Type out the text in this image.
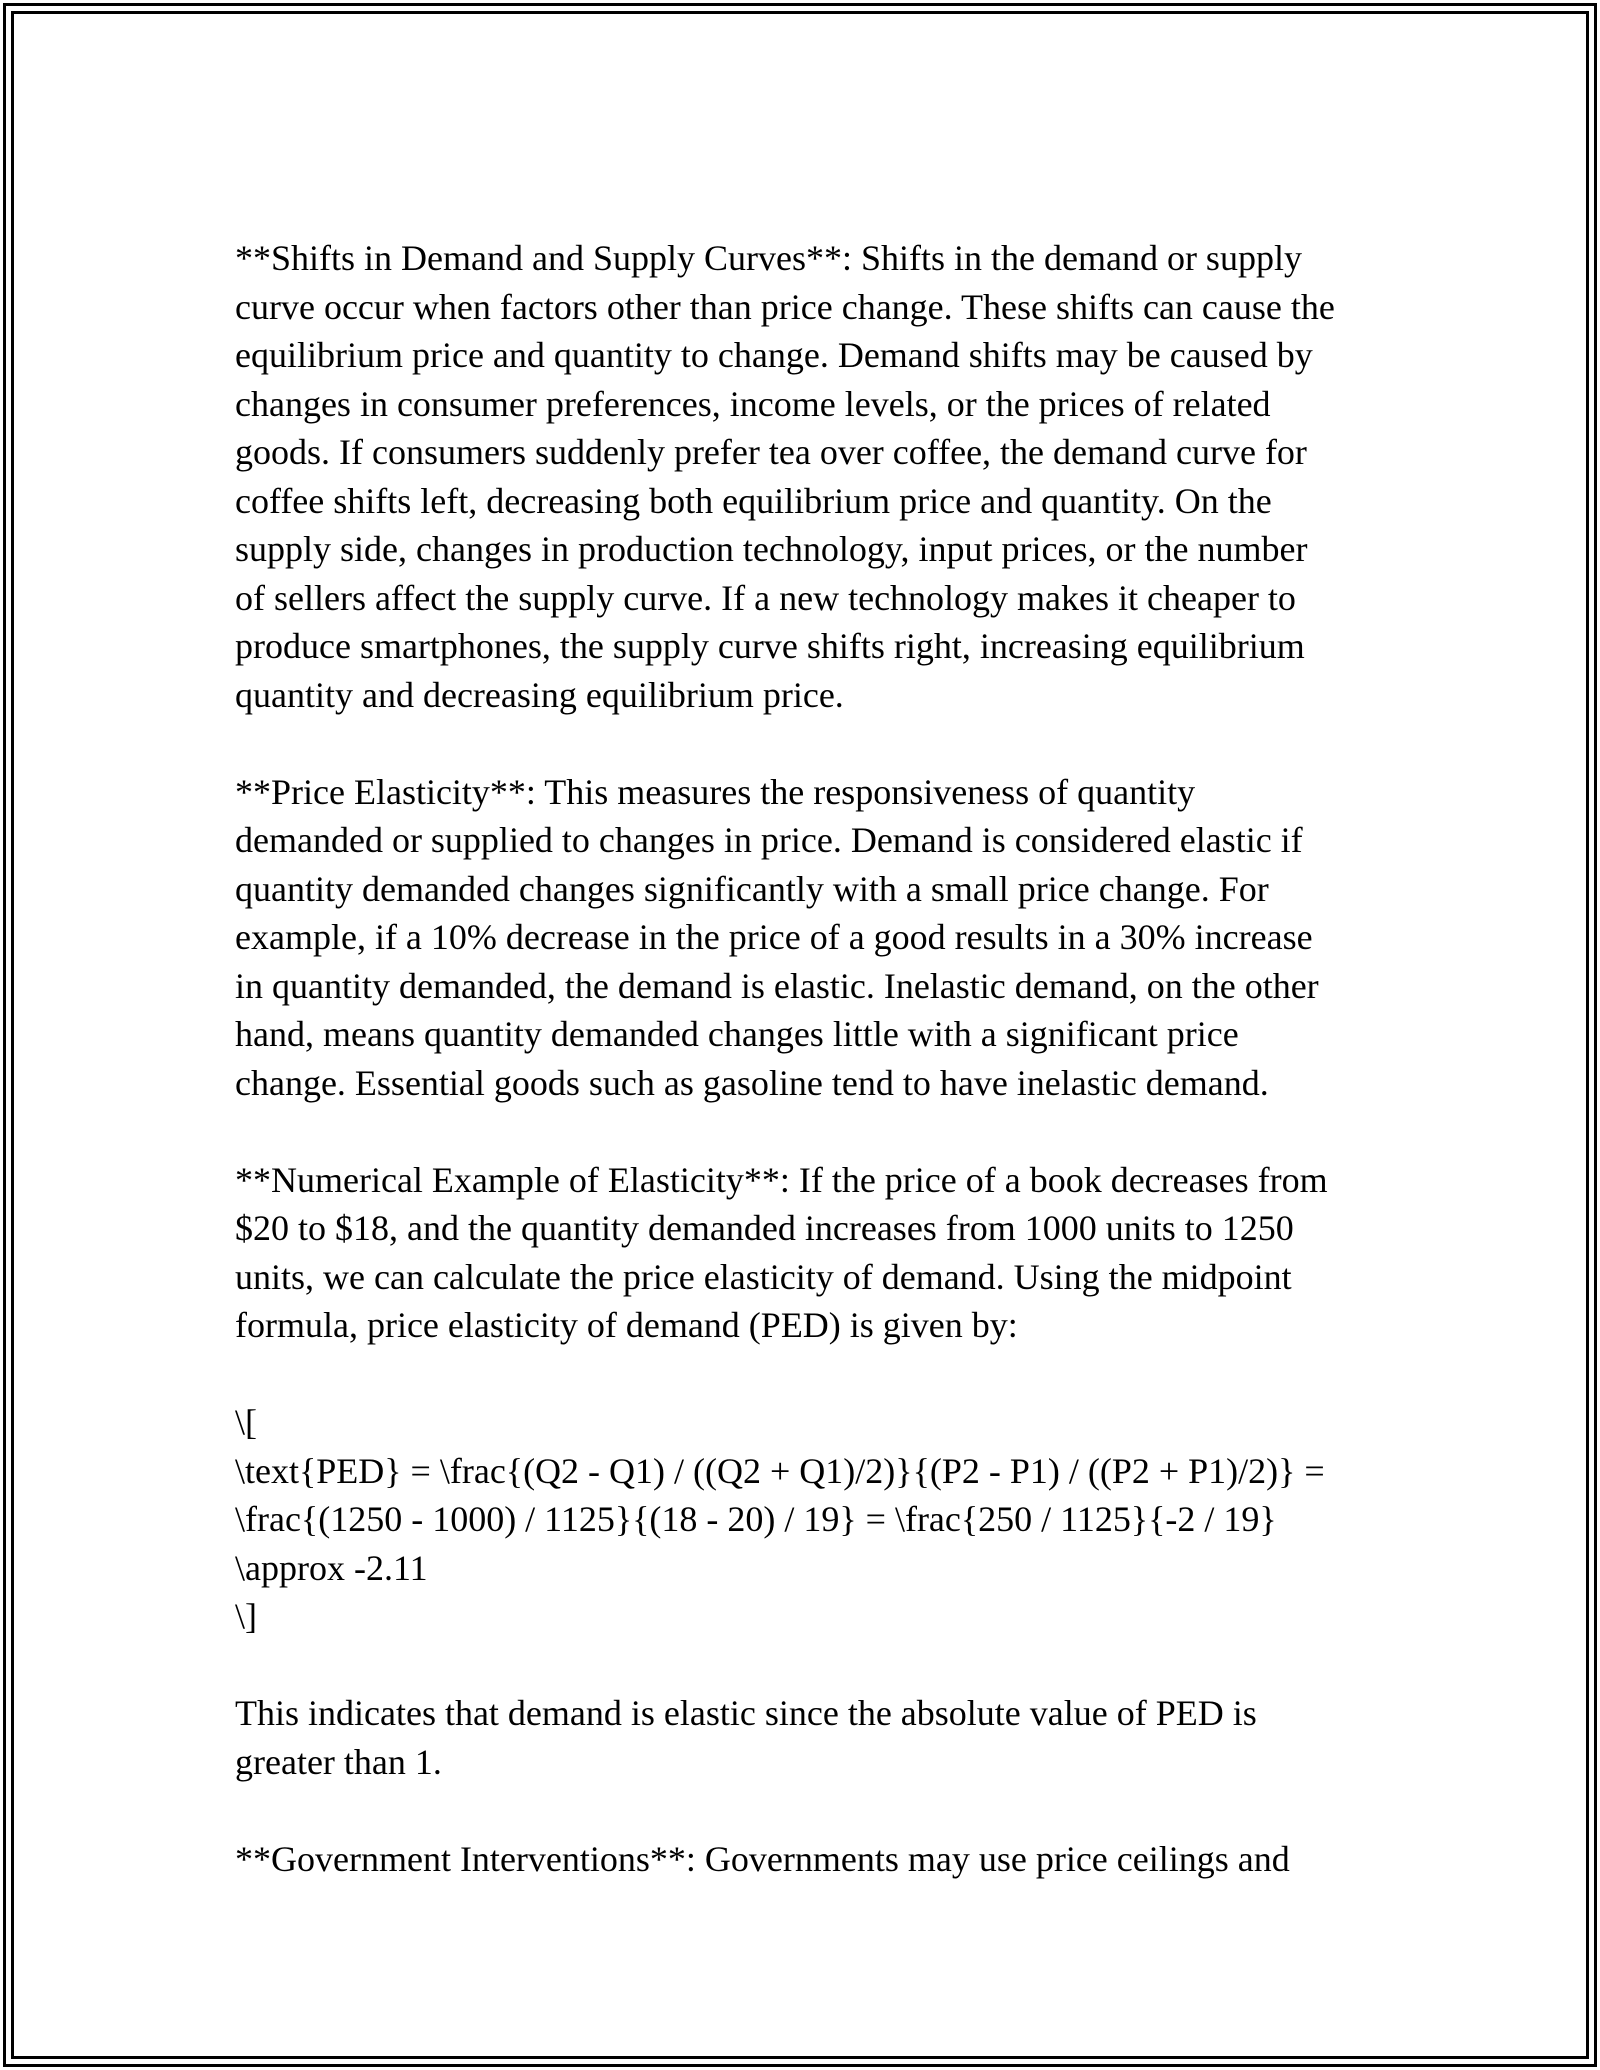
**Shifts in Demand and Supply Curves**: Shifts in the demand or supply
curve occur when factors other than price change. These shifts can cause the
equilibrium price and quantity to change. Demand shifts may be caused by
changes in consumer preferences, income levels, or the prices of related
goods. If consumers suddenly prefer tea over coffee, the demand curve for
coffee shifts left, decreasing both equilibrium price and quantity. On the
supply side, changes in production technology, input prices, or the number
of sellers affect the supply curve. If a new technology makes it cheaper to
produce smartphones, the supply curve shifts right, increasing equilibrium
quantity and decreasing equilibrium price.

**Price Elasticity**: This measures the responsiveness of quantity
demanded or supplied to changes in price. Demand is considered elastic if
quantity demanded changes significantly with a small price change. For
example, if a 10% decrease in the price of a good results in a 30% increase
in quantity demanded, the demand is elastic. Inelastic demand, on the other
hand, means quantity demanded changes little with a significant price
change. Essential goods such as gasoline tend to have inelastic demand.

**Numerical Example of Elasticity**: If the price of a book decreases from
$20 to $18, and the quantity demanded increases from 1000 units to 1250
units, we can calculate the price elasticity of demand. Using the midpoint
formula, price elasticity of demand (PED) is given by:

\[
\text{PED} = \frac{(Q2 - Q1) / ((Q2 + Q1)/2)}{(P2 - P1) / ((P2 + P1)/2)} =
\frac{(1250 - 1000) / 1125}{(18 - 20) / 19} = \frac{250 / 1125}{-2 / 19}
\approx -2.11
\]

This indicates that demand is elastic since the absolute value of PED is
greater than 1.

**Government Interventions**: Governments may use price ceilings and
